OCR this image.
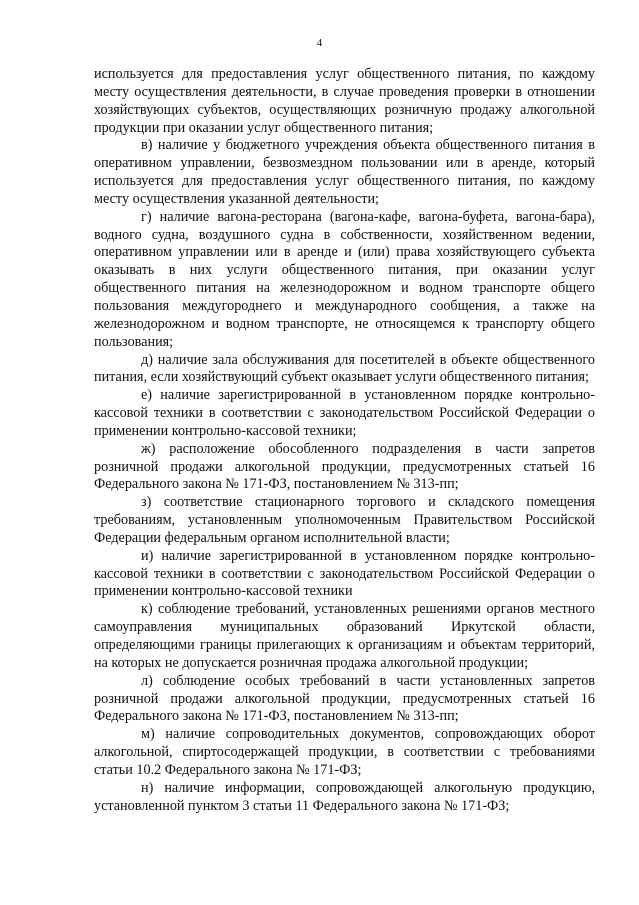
4

используется для предоставления услуг общественного питания, по каждому месту осуществления деятельности, в случае проведения проверки в отношении хозяйствующих субъектов, осуществляющих розничную продажу алкогольной продукции при оказании услуг общественного питания;

в) наличие у бюджетного учреждения объекта общественного питания в оперативном управлении, безвозмездном пользовании или в аренде, который используется для предоставления услуг общественного питания, по каждому месту осуществления указанной деятельности;

г) наличие вагона-ресторана (вагона-кафе, вагона-буфета, вагона-бара), водного судна, воздушного судна в собственности, хозяйственном ведении, оперативном управлении или в аренде и (или) права хозяйствующего субъекта оказывать в них услуги общественного питания, при оказании услуг общественного питания на железнодорожном и водном транспорте общего пользования междугороднего и международного сообщения, а также на железнодорожном и водном транспорте, не относящемся к транспорту общего пользования;

д) наличие зала обслуживания для посетителей в объекте общественного питания, если хозяйствующий субъект оказывает услуги общественного питания;

е) наличие зарегистрированной в установленном порядке контрольно-кассовой техники в соответствии с законодательством Российской Федерации о применении контрольно-кассовой техники;

ж) расположение обособленного подразделения в части запретов розничной продажи алкогольной продукции, предусмотренных статьей 16 Федерального закона № 171-ФЗ, постановлением № 313-пп;

з) соответствие стационарного торгового и складского помещения требованиям, установленным уполномоченным Правительством Российской Федерации федеральным органом исполнительной власти;

и) наличие зарегистрированной в установленном порядке контрольно-кассовой техники в соответствии с законодательством Российской Федерации о применении контрольно-кассовой техники

к) соблюдение требований, установленных решениями органов местного самоуправления муниципальных образований Иркутской области, определяющими границы прилегающих к организациям и объектам территорий, на которых не допускается розничная продажа алкогольной продукции;

л) соблюдение особых требований в части установленных запретов розничной продажи алкогольной продукции, предусмотренных статьей 16 Федерального закона № 171-ФЗ, постановлением № 313-пп;

м) наличие сопроводительных документов, сопровождающих оборот алкогольной, спиртосодержащей продукции, в соответствии с требованиями статьи 10.2 Федерального закона № 171-ФЗ;

н) наличие информации, сопровождающей алкогольную продукцию, установленной пунктом 3 статьи 11 Федерального закона № 171-ФЗ;
